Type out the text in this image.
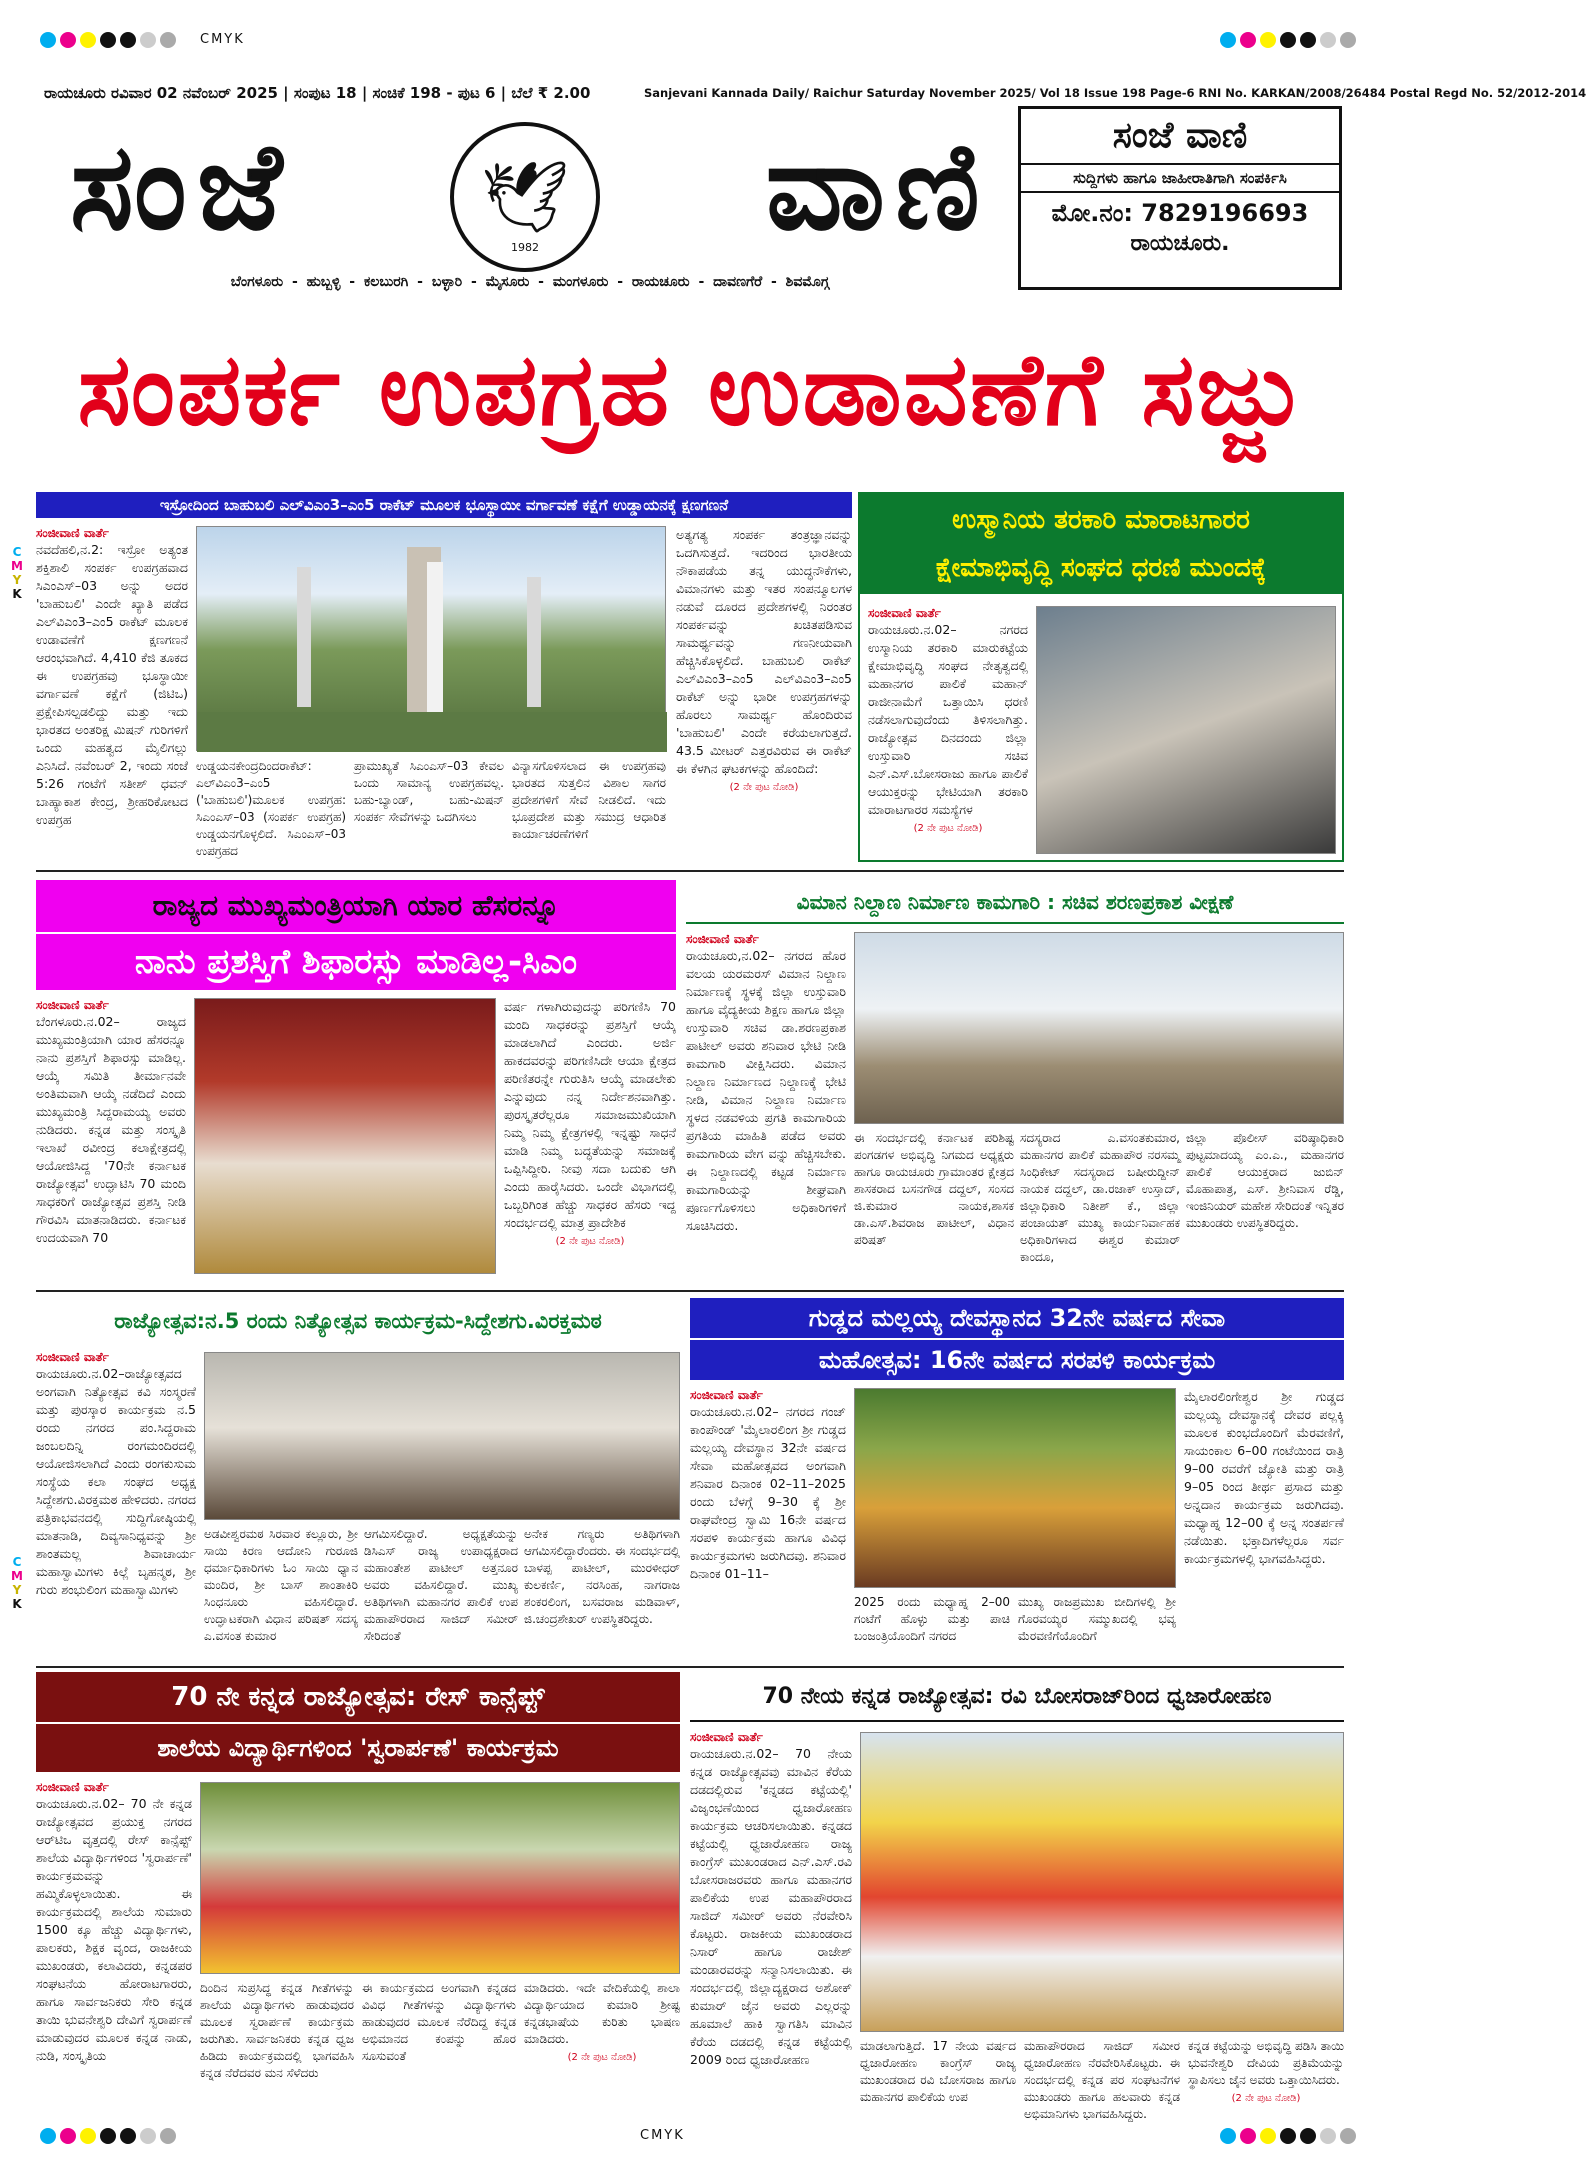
CMYK
CMYK
C
M
Y
K
C
M
Y
K
ರಾಯಚೂರು ರವಿವಾರ 02 ನವೆಂಬರ್ 2025 | ಸಂಪುಟ 18 | ಸಂಚಿಕೆ 198 - ಪುಟ 6 | ಬೆಲೆ ₹ 2.00	Sanjevani Kannada Daily/ Raichur Saturday November 2025/ Vol 18 Issue 198 Page-6 RNI No. KARKAN/2008/26484 Postal Regd No. 52/2012-2014
ಸಂಜೆ	ವಾಣಿ
🕊
1982
ಬೆಂಗಳೂರು - ಹುಬ್ಬಳ್ಳಿ - ಕಲಬುರಗಿ - ಬಳ್ಳಾರಿ - ಮೈಸೂರು - ಮಂಗಳೂರು - ರಾಯಚೂರು - ದಾವಣಗೆರೆ - ಶಿವಮೊಗ್ಗ
ಸಂಜೆ ವಾಣಿ
ಸುದ್ದಿಗಳು ಹಾಗೂ ಜಾಹೀರಾತಿಗಾಗಿ ಸಂಪರ್ಕಿಸಿ
ಮೋ.ನಂ: 7829196693
ರಾಯಚೂರು.
ಸಂಪರ್ಕ ಉಪಗ್ರಹ ಉಡಾವಣೆಗೆ ಸಜ್ಜು
ಇಸ್ರೋದಿಂದ ಬಾಹುಬಲಿ ಎಲ್‌ವಿಎಂ3–ಎಂ5 ರಾಕೆಟ್ ಮೂಲಕ ಭೂಸ್ಥಾಯೀ ವರ್ಗಾವಣೆ ಕಕ್ಷೆಗೆ ಉಡ್ಡಾಯನಕ್ಕೆ ಕ್ಷಣಗಣನೆ
ಸಂಜೀವಾಣಿ ವಾರ್ತೆ
ನವದೆಹಲಿ,ನ.2: ಇಸ್ರೋ ಅತ್ಯಂತ ಶಕ್ತಿಶಾಲಿ ಸಂಪರ್ಕ ಉಪಗ್ರಹವಾದ ಸಿಎಂಎಸ್–03 ಅನ್ನು ಅದರ 'ಬಾಹುಬಲಿ' ಎಂದೇ ಖ್ಯಾತಿ ಪಡೆದ ಎಲ್‌ವಿಎಂ3–ಎಂ5 ರಾಕೆಟ್ ಮೂಲಕ ಉಡಾವಣೆಗೆ ಕ್ಷಣಗಣನೆ ಆರಂಭವಾಗಿದೆ. 4,410 ಕೆಜಿ ತೂಕದ ಈ ಉಪಗ್ರಹವು ಭೂಸ್ಥಾಯೀ ವರ್ಗಾವಣೆ ಕಕ್ಷೆಗೆ (ಜಿಟಿಒ) ಪ್ರಕ್ಷೇಪಿಸಲ್ಪಡಲಿದ್ದು ಮತ್ತು ಇದು ಭಾರತದ ಅಂತರಿಕ್ಷ ಮಿಷನ್ ಗುರಿಗಳಿಗೆ ಒಂದು ಮಹತ್ವದ ಮೈಲಿಗಲ್ಲು ಎನಿಸಿದೆ. ನವೆಂಬರ್ 2, ಇಂದು ಸಂಜೆ 5:26 ಗಂಟೆಗೆ ಸತೀಶ್ ಧವನ್ ಬಾಹ್ಯಾಕಾಶ ಕೇಂದ್ರ, ಶ್ರೀಹರಿಕೋಟದ ಉಪಗ್ರಹ
ಉಡ್ಡಯನಕೇಂದ್ರದಿಂದರಾಕೆಟ್: ಎಲ್‌ವಿಎಂ3–ಎಂ5 ('ಬಾಹುಬಲಿ')ಮೂಲಕ ಉಪಗ್ರಹ: ಸಿಎಂಎಸ್–03 (ಸಂಪರ್ಕ ಉಪಗ್ರಹ) ಉಡ್ಡಯನಗೊಳ್ಳಲಿದೆ. ಸಿಎಂಎಸ್–03 ಉಪಗ್ರಹದ
ಪ್ರಾಮುಖ್ಯತೆ ಸಿಎಂಎಸ್–03 ಕೇವಲ ಒಂದು ಸಾಮಾನ್ಯ ಉಪಗ್ರಹವಲ್ಲ. ಬಹು-ಬ್ಯಾಂಡ್, ಬಹು-ಮಿಷನ್ ಸಂಪರ್ಕ ಸೇವೆಗಳನ್ನು ಒದಗಿಸಲು
ವಿನ್ಯಾಸಗೊಳಿಸಲಾದ ಈ ಉಪಗ್ರಹವು ಭಾರತದ ಸುತ್ತಲಿನ ವಿಶಾಲ ಸಾಗರ ಪ್ರದೇಶಗಳಿಗೆ ಸೇವೆ ನೀಡಲಿದೆ. ಇದು ಭೂಪ್ರದೇಶ ಮತ್ತು ಸಮುದ್ರ ಆಧಾರಿತ ಕಾರ್ಯಾಚರಣೆಗಳಿಗೆ
ಅತ್ಯಗತ್ಯ ಸಂಪರ್ಕ ತಂತ್ರಜ್ಞಾನವನ್ನು ಒದಗಿಸುತ್ತದೆ. ಇದರಿಂದ ಭಾರತೀಯ ನೌಕಾಪಡೆಯ ತನ್ನ ಯುದ್ಧನೌಕೆಗಳು, ವಿಮಾನಗಳು ಮತ್ತು ಇತರ ಸಂಪನ್ಮೂಲಗಳ ನಡುವೆ ದೂರದ ಪ್ರದೇಶಗಳಲ್ಲಿ ನಿರಂತರ ಸಂಪರ್ಕವನ್ನು ಖಚಿತಪಡಿಸುವ ಸಾಮರ್ಥ್ಯವನ್ನು ಗಣನೀಯವಾಗಿ ಹೆಚ್ಚಿಸಿಕೊಳ್ಳಲಿದೆ. ಬಾಹುಬಲಿ ರಾಕೆಟ್ ಎಲ್‌ವಿಎಂ3–ಎಂ5 ಎಲ್‌ವಿಎಂ3–ಎಂ5 ರಾಕೆಟ್ ಅನ್ನು ಭಾರೀ ಉಪಗ್ರಹಗಳನ್ನು ಹೊರಲು ಸಾಮರ್ಥ್ಯ ಹೊಂದಿರುವ 'ಬಾಹುಬಲಿ' ಎಂದೇ ಕರೆಯಲಾಗುತ್ತದೆ. 43.5 ಮೀಟರ್ ಎತ್ತರವಿರುವ ಈ ರಾಕೆಟ್ ಈ ಕೆಳಗಿನ ಘಟಕಗಳನ್ನು ಹೊಂದಿದೆ:
(2 ನೇ ಪುಟ ನೋಡಿ)
ಉಸ್ಮಾನಿಯ ತರಕಾರಿ ಮಾರಾಟಗಾರರ
ಕ್ಷೇಮಾಭಿವೃದ್ಧಿ ಸಂಘದ ಧರಣಿ ಮುಂದಕ್ಕೆ
ಸಂಜೀವಾಣಿ ವಾರ್ತೆ
ರಾಯಚೂರು.ನ.02– ನಗರದ ಉಸ್ಮಾನಿಯ ತರಕಾರಿ ಮಾರುಕಟ್ಟೆಯ ಕ್ಷೇಮಾಭಿವೃದ್ಧಿ ಸಂಘದ ನೇತೃತ್ವದಲ್ಲಿ ಮಹಾನಗರ ಪಾಲಿಕೆ ಮಹಾನ್ ರಾಜೀನಾಮೆಗೆ ಒತ್ತಾಯಿಸಿ ಧರಣಿ ನಡೆಸಲಾಗುವುದೆಂದು ತಿಳಿಸಲಾಗಿತ್ತು. ರಾಜ್ಯೋತ್ಸವ ದಿನದಂದು ಜಿಲ್ಲಾ ಉಸ್ತುವಾರಿ ಸಚಿವ ಎನ್.ಎಸ್.ಬೋಸರಾಜು ಹಾಗೂ ಪಾಲಿಕೆ ಆಯುಕ್ತರನ್ನು ಭೇಟಿಯಾಗಿ ತರಕಾರಿ ಮಾರಾಟಗಾರರ ಸಮಸ್ಯೆಗಳ
(2 ನೇ ಪುಟ ನೋಡಿ)
ರಾಜ್ಯದ ಮುಖ್ಯಮಂತ್ರಿಯಾಗಿ ಯಾರ ಹೆಸರನ್ನೂ
ನಾನು ಪ್ರಶಸ್ತಿಗೆ ಶಿಫಾರಸ್ಸು ಮಾಡಿಲ್ಲ-ಸಿಎಂ
ಸಂಜೀವಾಣಿ ವಾರ್ತೆ
ಬೆಂಗಳೂರು.ನ.02– ರಾಜ್ಯದ ಮುಖ್ಯಮಂತ್ರಿಯಾಗಿ ಯಾರ ಹೆಸರನ್ನೂ ನಾನು ಪ್ರಶಸ್ತಿಗೆ ಶಿಫಾರಸ್ಸು ಮಾಡಿಲ್ಲ. ಆಯ್ಕೆ ಸಮಿತಿ ತೀರ್ಮಾನವೇ ಅಂತಿಮವಾಗಿ ಆಯ್ಕೆ ನಡೆದಿದೆ ಎಂದು ಮುಖ್ಯಮಂತ್ರಿ ಸಿದ್ದರಾಮಯ್ಯ ಅವರು ನುಡಿದರು. ಕನ್ನಡ ಮತ್ತು ಸಂಸ್ಕೃತಿ ಇಲಾಖೆ ರವೀಂದ್ರ ಕಲಾಕ್ಷೇತ್ರದಲ್ಲಿ ಆಯೋಜಿಸಿದ್ದ '70ನೇ ಕರ್ನಾಟಕ ರಾಜ್ಯೋತ್ಸವ' ಉದ್ಘಾಟಿಸಿ 70 ಮಂದಿ ಸಾಧಕರಿಗೆ ರಾಜ್ಯೋತ್ಸವ ಪ್ರಶಸ್ತಿ ನೀಡಿ ಗೌರವಿಸಿ ಮಾತನಾಡಿದರು. ಕರ್ನಾಟಕ ಉದಯವಾಗಿ 70
ವರ್ಷ ಗಳಾಗಿರುವುದನ್ನು ಪರಿಗಣಿಸಿ 70 ಮಂದಿ ಸಾಧಕರನ್ನು ಪ್ರಶಸ್ತಿಗೆ ಆಯ್ಕೆ ಮಾಡಲಾಗಿದೆ ಎಂದರು. ಅರ್ಜಿ ಹಾಕದವರನ್ನು ಪರಿಗಣಿಸಿದೇ ಆಯಾ ಕ್ಷೇತ್ರದ ಪರಿಣಿತರನ್ನೇ ಗುರುತಿಸಿ ಆಯ್ಕೆ ಮಾಡಲೇಕು ಎನ್ನುವುದು ನನ್ನ ನಿರ್ದೇಶನವಾಗಿತ್ತು. ಪುರಸ್ಕೃತರೆಲ್ಲರೂ ಸಮಾಜಮುಖಿಯಾಗಿ ನಿಮ್ಮ ನಿಮ್ಮ ಕ್ಷೇತ್ರಗಳಲ್ಲಿ ಇನ್ನಷ್ಟು ಸಾಧನೆ ಮಾಡಿ ನಿಮ್ಮ ಬದ್ಧತೆಯನ್ನು ಸಮಾಜಕ್ಕೆ ಒಪ್ಪಿಸಿದ್ದೀರಿ. ನೀವು ಸದಾ ಬದುಕು ಆಗಿ ಎಂದು ಹಾರೈಸಿದರು. ಒಂದೇ ವಿಭಾಗದಲ್ಲಿ ಒಬ್ಬರಿಗಿಂತ ಹೆಚ್ಚು ಸಾಧಕರ ಹೆಸರು ಇದ್ದ ಸಂದರ್ಭದಲ್ಲಿ ಮಾತ್ರ ಪ್ರಾದೇಶಿಕ
(2 ನೇ ಪುಟ ನೋಡಿ)
ವಿಮಾನ ನಿಲ್ದಾಣ ನಿರ್ಮಾಣ ಕಾಮಗಾರಿ : ಸಚಿವ ಶರಣಪ್ರಕಾಶ ವೀಕ್ಷಣೆ
ಸಂಜೀವಾಣಿ ವಾರ್ತೆ
ರಾಯಚೂರು,ನ.02– ನಗರದ ಹೊರ ವಲಯ ಯರಮರಸ್ ವಿಮಾನ ನಿಲ್ದಾಣ ನಿರ್ಮಾಣಕ್ಕೆ ಸ್ಥಳಕ್ಕೆ ಜಿಲ್ಲಾ ಉಸ್ತುವಾರಿ ಹಾಗೂ ವೈದ್ಯಕೀಯ ಶಿಕ್ಷಣ ಹಾಗೂ ಜಿಲ್ಲಾ ಉಸ್ತುವಾರಿ ಸಚಿವ ಡಾ.ಶರಣಪ್ರಕಾಶ ಪಾಟೀಲ್ ಅವರು ಶನಿವಾರ ಭೇಟಿ ನೀಡಿ ಕಾಮಗಾರಿ ವೀಕ್ಷಿಸಿದರು. ವಿಮಾನ ನಿಲ್ದಾಣ ನಿರ್ಮಾಣದ ನಿಲ್ದಾಣಕ್ಕೆ ಭೇಟಿ ನೀಡಿ, ವಿಮಾನ ನಿಲ್ದಾಣ ನಿರ್ಮಾಣ ಸ್ಥಳದ ನಡವಳಿಯ ಪ್ರಗತಿ ಕಾಮಗಾರಿಯ ಪ್ರಗತಿಯ ಮಾಹಿತಿ ಪಡೆದ ಅವರು ಕಾಮಗಾರಿಯ ವೇಗ ವನ್ನು ಹೆಚ್ಚಿಸಬೇಕು. ಈ ನಿಲ್ದಾಣದಲ್ಲಿ ಕಟ್ಟಡ ನಿರ್ಮಾಣ ಕಾಮಗಾರಿಯನ್ನು ಶೀಘ್ರವಾಗಿ ಪೂರ್ಣಗೊಳಿಸಲು ಅಧಿಕಾರಿಗಳಿಗೆ ಸೂಚಿಸಿದರು.
ಈ ಸಂದರ್ಭದಲ್ಲಿ ಕರ್ನಾಟಕ ಪರಿಶಿಷ್ಟ ಪಂಗಡಗಳ ಅಭಿವೃದ್ಧಿ ನಿಗಮದ ಅಧ್ಯಕ್ಷರು ಹಾಗೂ ರಾಯಚೂರು ಗ್ರಾಮಾಂತರ ಕ್ಷೇತ್ರದ ಶಾಸಕರಾದ ಬಸನಗೌಡ ದದ್ದಲ್, ಸಂಸದ ಜಿ.ಕುಮಾರ ನಾಯಕ,ಶಾಸಕ ಡಾ.ಎಸ್.ಶಿವರಾಜ ಪಾಟೀಲ್, ವಿಧಾನ ಪರಿಷತ್
ಸದಸ್ಯರಾದ ಎ.ವಸಂತಕುಮಾರ, ಮಹಾನಗರ ಪಾಲಿಕೆ ಮಹಾಪೌರ ನರಸಮ್ಮ ಸಿಂಧಿಕೇಟ್ ಸದಸ್ಯರಾದ ಬಷೀರುದ್ದೀನ್ ನಾಯಕ ದದ್ದಲ್, ಡಾ.ರಜಾಕ್ ಉಸ್ತಾದ್, ಜಿಲ್ಲಾಧಿಕಾರಿ ನಿತೀಶ್ ಕೆ., ಜಿಲ್ಲಾ ಪಂಚಾಯತ್ ಮುಖ್ಯ ಕಾರ್ಯನಿರ್ವಾಹಕ ಅಧಿಕಾರಿಗಳಾದ ಈಶ್ವರ ಕುಮಾರ್ ಕಾಂದೂ,
ಜಿಲ್ಲಾ ಪೊಲೀಸ್ ವರಿಷ್ಠಾಧಿಕಾರಿ ಪುಟ್ಟಮಾದಯ್ಯ ಎಂ.ಎ., ಮಹಾನಗರ ಪಾಲಿಕೆ ಆಯುಕ್ತರಾದ ಜುಬಿನ್ ಮೊಹಾಪಾತ್ರ, ಎಸ್. ಶ್ರೀನಿವಾಸ ರೆಡ್ಡಿ, ಇಂಜಿನಿಯರ್ ಮಹೇಶ ಸೇರಿದಂತೆ ಇನ್ನಿತರ ಮುಖಂಡರು ಉಪಸ್ಥಿತರಿದ್ದರು.
ರಾಜ್ಯೋತ್ಸವ:ನ.5 ರಂದು ನಿತ್ಯೋತ್ಸವ ಕಾರ್ಯಕ್ರಮ-ಸಿದ್ದೇಶಗು.ವಿರಕ್ತಮಠ
ಸಂಜೀವಾಣಿ ವಾರ್ತೆ
ರಾಯಚೂರು.ನ.02–ರಾಜ್ಯೋತ್ಸವದ ಅಂಗವಾಗಿ ನಿತ್ಯೋತ್ಸವ ಕವಿ ಸಂಸ್ಮರಣೆ ಮತ್ತು ಪುರಸ್ಕಾರ ಕಾರ್ಯಕ್ರಮ ನ.5 ರಂದು ನಗರದ ಪಂ.ಸಿದ್ದರಾಮ ಜಂಬಲದಿನ್ನಿ ರಂಗಮಂದಿರದಲ್ಲಿ ಆಯೋಜಿಸಲಾಗಿದೆ ಎಂದು ರಂಗಕುಸುಮ ಸಂಸ್ಥೆಯ ಕಲಾ ಸಂಘದ ಅಧ್ಯಕ್ಷ ಸಿದ್ದೇಶಗು.ವಿರಕ್ತಮಠ ಹೇಳಿದರು. ನಗರದ ಪತ್ರಿಕಾಭವನದಲ್ಲಿ ಸುದ್ದಿಗೋಷ್ಠಿಯಲ್ಲಿ ಮಾತನಾಡಿ, ದಿವ್ಯಸಾನಿಧ್ಯವನ್ನು ಶ್ರೀ ಶಾಂತಮಲ್ಲ ಶಿವಾಚಾರ್ಯ ಮಹಾಸ್ವಾಮಿಗಳು ಕಿಲ್ಲೆ ಬೃಹನ್ಮಠ, ಶ್ರೀ ಗುರು ಶಂಭುಲಿಂಗ ಮಹಾಸ್ವಾಮಿಗಳು
ಅಡವೀಶ್ವರಮಠ ಸಿರವಾರ ಕಲ್ಲೂರು, ಶ್ರೀ ಸಾಯಿ ಕಿರಣ ಆದೋನಿ ಗುರೂಜಿ ಧರ್ಮಾಧಿಕಾರಿಗಳು ಓಂ ಸಾಯಿ ಧ್ಯಾನ ಮಂದಿರ, ಶ್ರೀ ಬಾಸ್ ಶಾಂತಾಕಿರಿ ಸಿಂಧನೂರು ವಹಿಸಲಿದ್ದಾರೆ. ಉದ್ಘಾಟಕರಾಗಿ ವಿಧಾನ ಪರಿಷತ್ ಸದಸ್ಯ ಎ.ವಸಂತ ಕುಮಾರ
ಆಗಮಿಸಲಿದ್ದಾರೆ. ಅಧ್ಯಕ್ಷತೆಯನ್ನು ಡಿಸಿಎಸ್ ರಾಜ್ಯ ಉಪಾಧ್ಯಕ್ಷರಾದ ಮಹಾಂತೇಶ ಪಾಟೀಲ್ ಅತ್ತನೂರ ಅವರು ವಹಿಸಲಿದ್ದಾರೆ. ಮುಖ್ಯ ಅತಿಥಿಗಳಾಗಿ ಮಹಾನಗರ ಪಾಲಿಕೆ ಉಪ ಮಹಾಪೌರರಾದ ಸಾಜಿದ್ ಸಮೀರ್ ಸೇರಿದಂತೆ
ಅನೇಕ ಗಣ್ಯರು ಅತಿಥಿಗಳಾಗಿ ಆಗಮಿಸಲಿದ್ದಾರೆಂದರು. ಈ ಸಂದರ್ಭದಲ್ಲಿ ಬಾಳಪ್ಪ ಪಾಟೀಲ್, ಮುರಳೀಧರ್ ಕುಲಕರ್ಣಿ, ನರಸಿಂಹ, ನಾಗರಾಜ ಶಂಕರಲಿಂಗ, ಬಸವರಾಜ ಮಡಿವಾಳ್, ಜಿ.ಚಂದ್ರಶೇಖರ್ ಉಪಸ್ಥಿತರಿದ್ದರು.
ಗುಡ್ಡದ ಮಲ್ಲಯ್ಯ ದೇವಸ್ಥಾನದ 32ನೇ ವರ್ಷದ ಸೇವಾ
ಮಹೋತ್ಸವ: 16ನೇ ವರ್ಷದ ಸರಪಳಿ ಕಾರ್ಯಕ್ರಮ
ಸಂಜೀವಾಣಿ ವಾರ್ತೆ
ರಾಯಚೂರು.ನ.02– ನಗರದ ಗಂಜ್ ಕಾಂಪೌಂಡ್ 'ಮೈಲಾರಲಿಂಗ ಶ್ರೀ ಗುಡ್ಡದ ಮಲ್ಲಯ್ಯ ದೇವಸ್ಥಾನ 32ನೇ ವರ್ಷದ ಸೇವಾ ಮಹೋತ್ಸವದ ಅಂಗವಾಗಿ ಶನಿವಾರ ದಿನಾಂಕ 02–11–2025 ರಂದು ಬೆಳಗ್ಗೆ 9–30 ಕ್ಕೆ ಶ್ರೀ ರಾಘವೇಂದ್ರ ಸ್ವಾಮಿ 16ನೇ ವರ್ಷದ ಸರಪಳಿ ಕಾರ್ಯಕ್ರಮ ಹಾಗೂ ವಿವಿಧ ಕಾರ್ಯಕ್ರಮಗಳು ಜರುಗಿದವು. ಶನಿವಾರ ದಿನಾಂಕ 01–11–
2025 ರಂದು ಮಧ್ಯಾಹ್ನ 2–00 ಗಂಟೆಗೆ ಹೊಳ್ಳು ಮತ್ತು ಪಾಚಿ ಬಂಜಂತ್ರಿಯೊಂದಿಗೆ ನಗರದ
ಮುಖ್ಯ ರಾಜಪ್ರಮುಖ ಬೀದಿಗಳಲ್ಲಿ ಶ್ರೀ ಗೊರವಯ್ಯರ ಸಮ್ಮುಖದಲ್ಲಿ ಭವ್ಯ ಮೆರವಣಿಗೆಯೊಂದಿಗೆ
ಮೈಲಾರಲಿಂಗೇಶ್ವರ ಶ್ರೀ ಗುಡ್ಡದ ಮಲ್ಲಯ್ಯ ದೇವಸ್ಥಾನಕ್ಕೆ ದೇವರ ಪಲ್ಲಕ್ಕಿ ಮೂಲಕ ಕುಂಭದೊಂದಿಗೆ ಮೆರವಣಿಗೆ, ಸಾಯಂಕಾಲ 6–00 ಗಂಟೆಯಿಂದ ರಾತ್ರಿ 9–00 ರವರೆಗೆ ಜ್ಯೋತಿ ಮತ್ತು ರಾತ್ರಿ 9–05 ರಿಂದ ತೀರ್ಥ ಪ್ರಸಾದ ಮತ್ತು ಅನ್ನದಾನ ಕಾರ್ಯಕ್ರಮ ಜರುಗಿದವು. ಮಧ್ಯಾಹ್ನ 12–00 ಕ್ಕೆ ಅನ್ನ ಸಂತರ್ಪಣೆ ನಡೆಯಿತು. ಭಕ್ತಾದಿಗಳೆಲ್ಲರೂ ಸರ್ವ ಕಾರ್ಯಕ್ರಮಗಳಲ್ಲಿ ಭಾಗವಹಿಸಿದ್ದರು.
70 ನೇ ಕನ್ನಡ ರಾಜ್ಯೋತ್ಸವ: ರೇಸ್ ಕಾನ್ಸೆಪ್ಟ್
ಶಾಲೆಯ ವಿದ್ಯಾರ್ಥಿಗಳಿಂದ 'ಸ್ವರಾರ್ಪಣೆ' ಕಾರ್ಯಕ್ರಮ
ಸಂಜೀವಾಣಿ ವಾರ್ತೆ
ರಾಯಚೂರು.ನ.02– 70 ನೇ ಕನ್ನಡ ರಾಜ್ಯೋತ್ಸವದ ಪ್ರಯುಕ್ತ ನಗರದ ಆರ್‌ಟಿಒ ವೃತ್ತದಲ್ಲಿ ರೇಸ್ ಕಾನ್ಸೆಪ್ಟ್ ಶಾಲೆಯ ವಿದ್ಯಾರ್ಥಿಗಳಿಂದ 'ಸ್ವರಾರ್ಪಣೆ' ಕಾರ್ಯಕ್ರಮವನ್ನು ಹಮ್ಮಿಕೊಳ್ಳಲಾಯಿತು. ಈ ಕಾರ್ಯಕ್ರಮದಲ್ಲಿ ಶಾಲೆಯ ಸುಮಾರು 1500 ಕ್ಕೂ ಹೆಚ್ಚು ವಿದ್ಯಾರ್ಥಿಗಳು, ಪಾಲಕರು, ಶಿಕ್ಷಕ ವೃಂದ, ರಾಜಕೀಯ ಮುಖಂಡರು, ಕಲಾವಿದರು, ಕನ್ನಡಪರ ಸಂಘಟನೆಯ ಹೋರಾಟಗಾರರು, ಹಾಗೂ ಸಾರ್ವಜನಿಕರು ಸೇರಿ ಕನ್ನಡ ತಾಯಿ ಭುವನೇಶ್ವರಿ ದೇವಿಗೆ ಸ್ವರಾರ್ಪಣೆ ಮಾಡುವುದರ ಮೂಲಕ ಕನ್ನಡ ನಾಡು, ನುಡಿ, ಸಂಸ್ಕೃತಿಯ
ದಿಂದಿನ ಸುಪ್ರಸಿದ್ಧ ಕನ್ನಡ ಗೀತೆಗಳನ್ನು ಶಾಲೆಯ ವಿದ್ಯಾರ್ಥಿಗಳು ಹಾಡುವುದರ ಮೂಲಕ ಸ್ವರಾರ್ಪಣೆ ಕಾರ್ಯಕ್ರಮ ಜರುಗಿತು. ಸಾರ್ವಜನಿಕರು ಕನ್ನಡ ಧ್ವಜ ಹಿಡಿದು ಕಾರ್ಯಕ್ರಮದಲ್ಲಿ ಭಾಗವಹಿಸಿ ಕನ್ನಡ ನೆರೆದವರ ಮನ ಸೆಳೆದರು
ಈ ಕಾರ್ಯಕ್ರಮದ ಅಂಗವಾಗಿ ಕನ್ನಡದ ವಿವಿಧ ಗೀತೆಗಳನ್ನು ವಿದ್ಯಾರ್ಥಿಗಳು ಹಾಡುವುದರ ಮೂಲಕ ನೆರೆದಿದ್ದ ಕನ್ನಡ ಅಭಿಮಾನದ ಕಂಪನ್ನು ಹೊರ ಸೂಸುವಂತೆ
ಮಾಡಿದರು. ಇದೇ ವೇದಿಕೆಯಲ್ಲಿ ಶಾಲಾ ವಿದ್ಯಾರ್ಥಿಯಾದ ಕುಮಾರಿ ಶ್ರೀಷ್ಟ ಕನ್ನಡಭಾಷೆಯ ಕುರಿತು ಭಾಷಣ ಮಾಡಿದರು.
(2 ನೇ ಪುಟ ನೋಡಿ)
70 ನೇಯ ಕನ್ನಡ ರಾಜ್ಯೋತ್ಸವ: ರವಿ ಬೋಸರಾಜ್‌ರಿಂದ ಧ್ವಜಾರೋಹಣ
ಸಂಜೀವಾಣಿ ವಾರ್ತೆ
ರಾಯಚೂರು.ನ.02– 70 ನೇಯ ಕನ್ನಡ ರಾಜ್ಯೋತ್ಸವವು ಮಾವಿನ ಕೆರೆಯ ದಡದಲ್ಲಿರುವ 'ಕನ್ನಡದ ಕಟ್ಟೆಯಲ್ಲಿ' ವಿಜೃಂಭಣೆಯಿಂದ ಧ್ವಜಾರೋಹಣ ಕಾರ್ಯಕ್ರಮ ಆಚರಿಸಲಾಯಿತು. ಕನ್ನಡದ ಕಟ್ಟೆಯಲ್ಲಿ ಧ್ವಜಾರೋಹಣ ರಾಜ್ಯ ಕಾಂಗ್ರೆಸ್ ಮುಖಂಡರಾದ ಎನ್.ಎಸ್.ರವಿ ಬೋಸರಾಜರವರು ಹಾಗೂ ಮಹಾನಗರ ಪಾಲಿಕೆಯ ಉಪ ಮಹಾಪೌರರಾದ ಸಾಜಿದ್ ಸಮೀರ್ ಅವರು ನೆರವೇರಿಸಿ ಕೊಟ್ಟರು. ರಾಜಕೀಯ ಮುಖಂಡರಾದ ನಿಸಾರ್ ಹಾಗೂ ರಾಜೇಶ್ ಮಂಡಾರವರನ್ನು ಸನ್ಮಾನಿಸಲಾಯಿತು. ಈ ಸಂದರ್ಭದಲ್ಲಿ ಜಿಲ್ಲಾದ್ಯಕ್ಷರಾದ ಅಶೋಕ್ ಕುಮಾರ್ ಜೈನ ಅವರು ಎಲ್ಲರನ್ನು ಹೂಮಾಲೆ ಹಾಕಿ ಸ್ವಾಗತಿಸಿ ಮಾವಿನ ಕೆರೆಯ ದಡದಲ್ಲಿ ಕನ್ನಡ ಕಟ್ಟೆಯಲ್ಲಿ 2009 ರಿಂದ ಧ್ವಜಾರೋಹಣ
ಮಾಡಲಾಗುತ್ತಿದೆ. 17 ನೇಯ ವರ್ಷದ ಧ್ವಜಾರೋಹಣ ಕಾಂಗ್ರೆಸ್ ರಾಜ್ಯ ಮುಖಂಡರಾದ ರವಿ ಬೋಸರಾಜ ಹಾಗೂ ಮಹಾನಗರ ಪಾಲಿಕೆಯ ಉಪ
ಮಹಾಪೌರರಾದ ಸಾಜಿದ್ ಸಮೀರ ಧ್ವಜಾರೋಹಣ ನೆರವೇರಿಸಿಕೊಟ್ಟರು. ಈ ಸಂದರ್ಭದಲ್ಲಿ ಕನ್ನಡ ಪರ ಸಂಘಟನೆಗಳ ಮುಖಂಡರು ಹಾಗೂ ಹಲವಾರು ಕನ್ನಡ ಅಭಿಮಾನಿಗಳು ಭಾಗವಹಿಸಿದ್ದರು.
ಕನ್ನಡ ಕಟ್ಟೆಯನ್ನು ಅಭಿವೃದ್ಧಿ ಪಡಿಸಿ ತಾಯಿ ಭುವನೇಶ್ವರಿ ದೇವಿಯ ಪ್ರತಿಮೆಯನ್ನು ಸ್ಥಾಪಿಸಲು ಜೈನ ಅವರು ಒತ್ತಾಯಿಸಿದರು.
(2 ನೇ ಪುಟ ನೋಡಿ)
